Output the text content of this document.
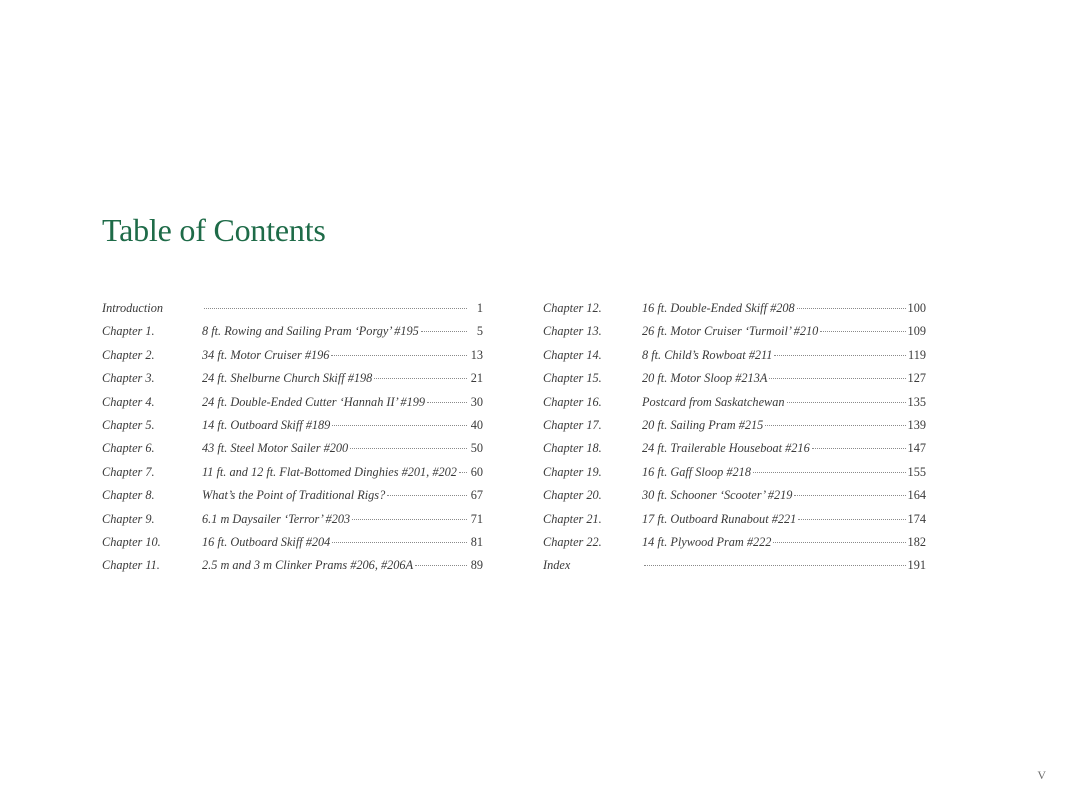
Table of Contents
Introduction	1
Chapter 1.	8 ft. Rowing and Sailing Pram ‘Porgy’ #195	5
Chapter 2.	34 ft. Motor Cruiser #196	13
Chapter 3.	24 ft. Shelburne Church Skiff #198	21
Chapter 4.	24 ft. Double-Ended Cutter ‘Hannah II’ #199	30
Chapter 5.	14 ft. Outboard Skiff #189	40
Chapter 6.	43 ft. Steel Motor Sailer #200	50
Chapter 7.	11 ft. and 12 ft. Flat-Bottomed Dinghies #201, #202 60
Chapter 8.	What’s the Point of Traditional Rigs?	67
Chapter 9.	6.1 m Daysailer ‘Terror’ #203	71
Chapter 10.	16 ft. Outboard Skiff #204	81
Chapter 11.	2.5 m and 3 m Clinker Prams #206, #206A	89
Chapter 12.	16 ft. Double-Ended Skiff #208	100
Chapter 13.	26 ft. Motor Cruiser ‘Turmoil’ #210	109
Chapter 14.	8 ft. Child’s Rowboat #211	119
Chapter 15.	20 ft. Motor Sloop #213A	127
Chapter 16.	Postcard from Saskatchewan	135
Chapter 17.	20 ft. Sailing Pram #215	139
Chapter 18.	24 ft. Trailerable Houseboat #216	147
Chapter 19.	16 ft. Gaff Sloop #218	155
Chapter 20.	30 ft. Schooner ‘Scooter’ #219	164
Chapter 21.	17 ft. Outboard Runabout #221	174
Chapter 22.	14 ft. Plywood Pram #222	182
Index	191
V
